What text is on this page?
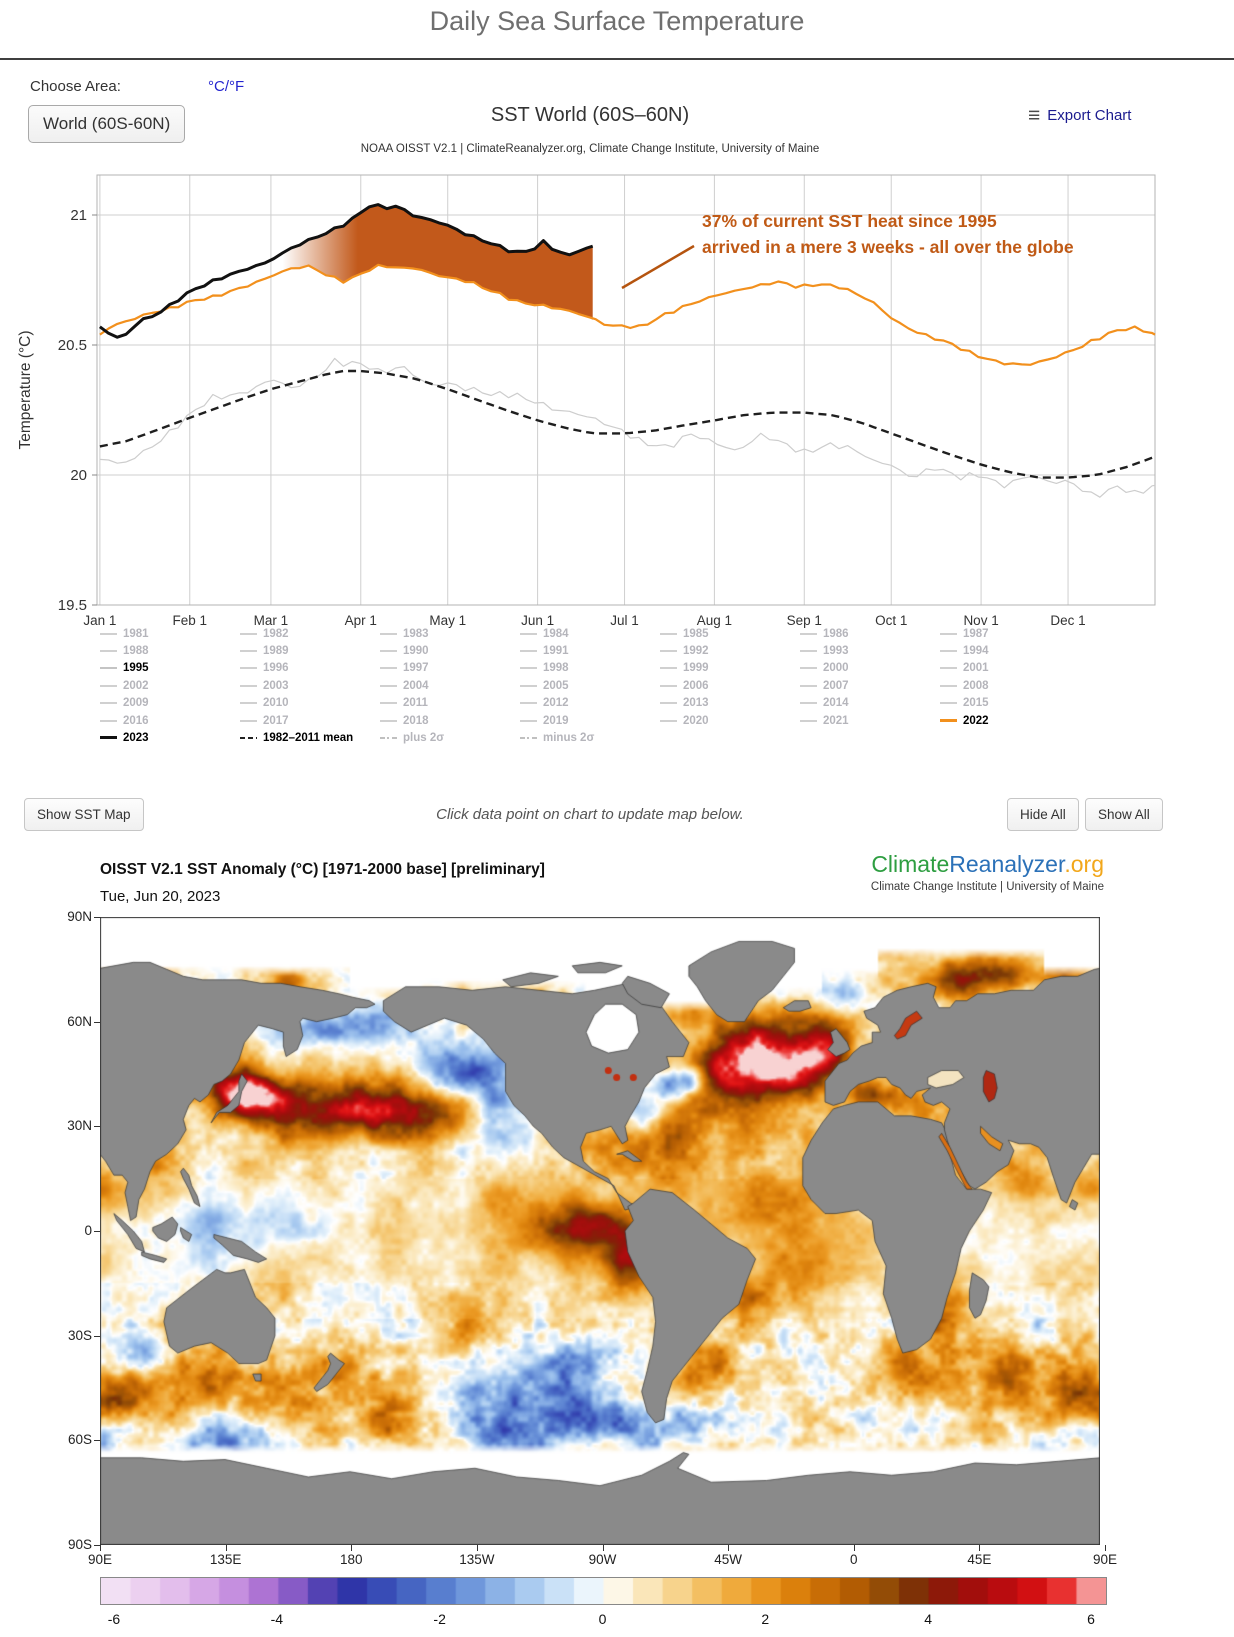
Daily Sea Surface Temperature
Choose Area:	°C/°F
World (60S-60N)	SST World (60S–60N)
NOAA OISST V2.1 | ClimateReanalyzer.org, Climate Change Institute, University of Maine
≡ Export Chart
21
20.5
20
19.5
Jan 1	Feb 1	Mar 1	Apr 1	May 1	Jun 1	Jul 1	Aug 1	Sep 1	Oct 1	Nov 1	Dec 1
Temperature (°C)
37% of current SST heat since 1995
arrived in a mere 3 weeks - all over the globe
1981	1982	1983	1984	1985	1986	1987
1988	1989	1990	1991	1992	1993	1994
1995	1996	1997	1998	1999	2000	2001
2002	2003	2004	2005	2006	2007	2008
2009	2010	2011	2012	2013	2014	2015
2016	2017	2018	2019	2020	2021	2022
2023	1982–2011 mean	plus 2σ	minus 2σ
Show SST Map	Click data point on chart to update map below.	Hide All	Show All
OISST V2.1 SST Anomaly (°C) [1971-2000 base] [preliminary]
Tue, Jun 20, 2023
ClimateReanalyzer.org
Climate Change Institute | University of Maine
90N
60N
30N
0
30S
60S
90S
90E	135E	180	135W	90W	45W	0	45E	90E
-6	-4	-2	0	2	4	6
